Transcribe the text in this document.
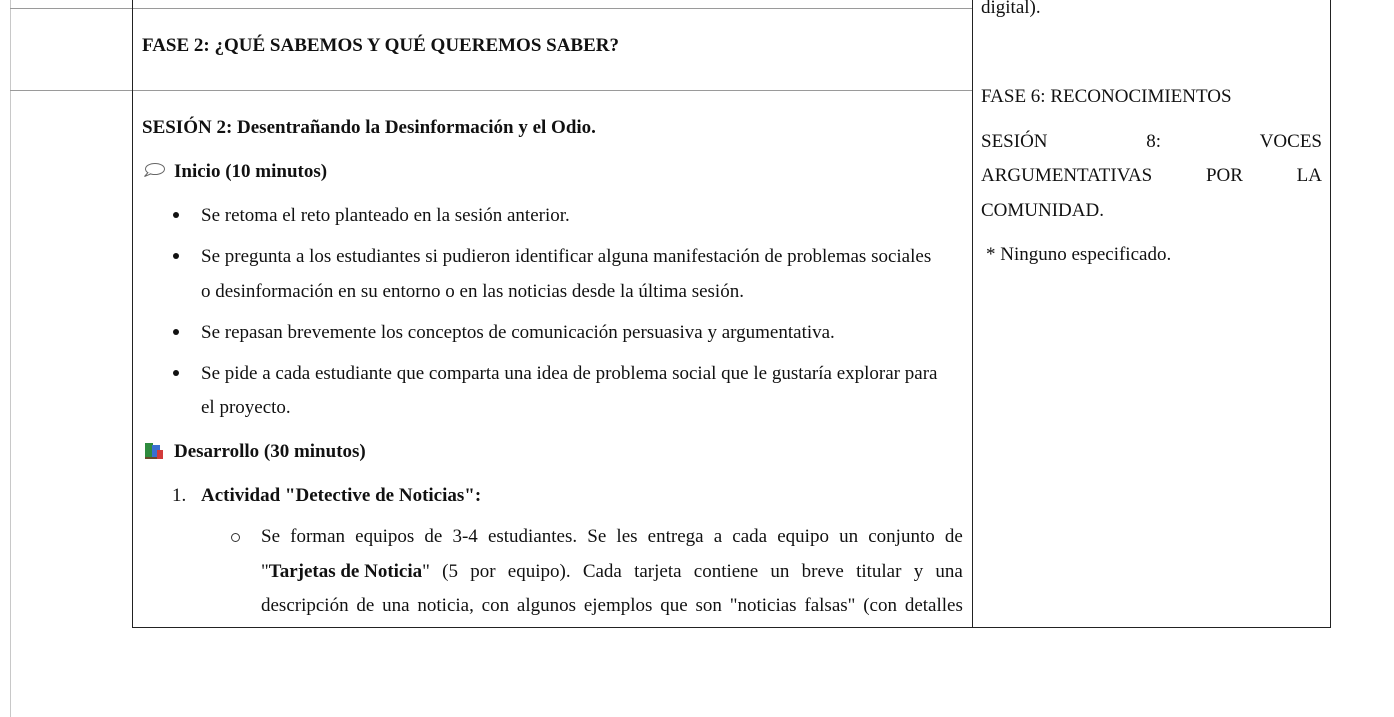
FASE 2: ¿QUÉ SABEMOS Y QUÉ QUEREMOS SABER?
SESIÓN 2: Desentrañando la Desinformación y el Odio.
Inicio (10 minutos)
Se retoma el reto planteado en la sesión anterior.
Se pregunta a los estudiantes si pudieron identificar alguna manifestación de problemas sociales
o desinformación en su entorno o en las noticias desde la última sesión.
Se repasan brevemente los conceptos de comunicación persuasiva y argumentativa.
Se pide a cada estudiante que comparta una idea de problema social que le gustaría explorar para
el proyecto.
Desarrollo (30 minutos)
1. Actividad "Detective de Noticias":
Se forman equipos de 3-4 estudiantes. Se les entrega a cada equipo un conjunto de
"Tarjetas de Noticia" (5 por equipo). Cada tarjeta contiene un breve titular y una
descripción de una noticia, con algunos ejemplos que son "noticias falsas" (con detalles
digital).
FASE 6: RECONOCIMIENTOS
SESIÓN	8:	VOCES
ARGUMENTATIVAS	POR	LA
COMUNIDAD.
* Ninguno especificado.
